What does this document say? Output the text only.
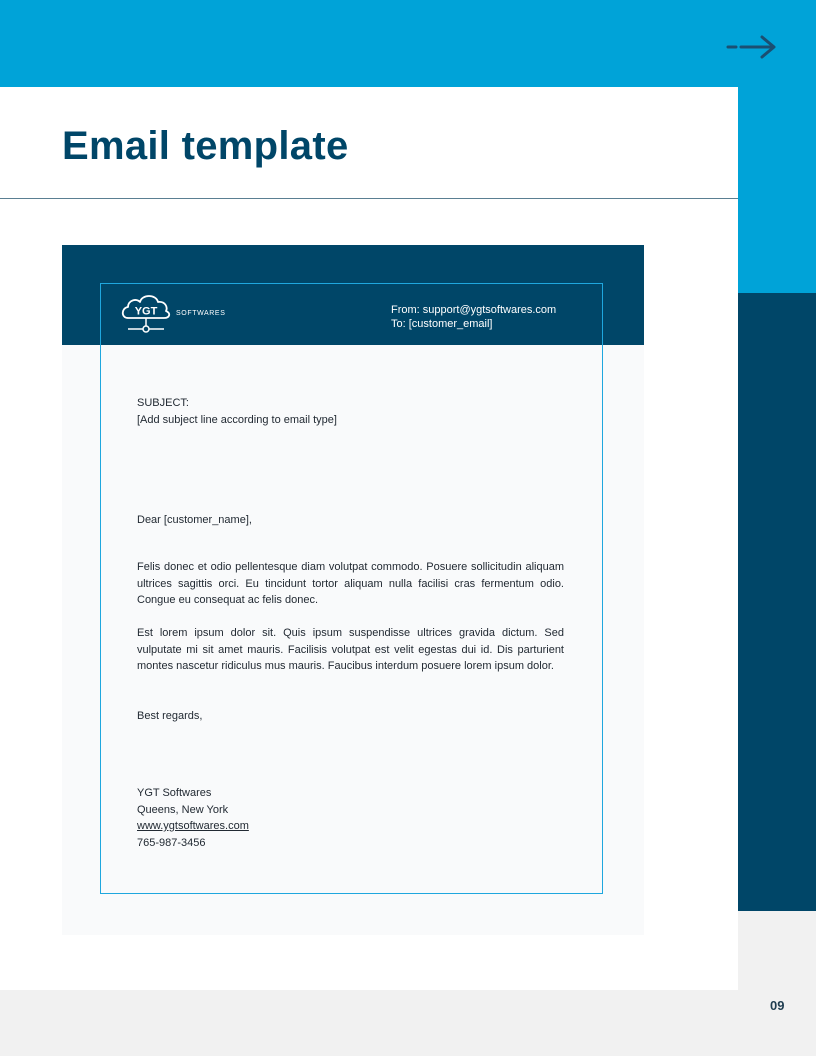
Email template
YGT	SOFTWARES	From: support@ygtsoftwares.com
To: [customer_email]
SUBJECT:
[Add subject line according to email type]
Dear [customer_name],
Felis donec et odio pellentesque diam volutpat commodo. Posuere sollicitudin aliquam ultrices sagittis orci. Eu tincidunt tortor aliquam nulla facilisi cras fermentum odio. Congue eu consequat ac felis donec.
Est lorem ipsum dolor sit. Quis ipsum suspendisse ultrices gravida dictum. Sed vulputate mi sit amet mauris. Facilisis volutpat est velit egestas dui id. Dis parturient montes nascetur ridiculus mus mauris. Faucibus interdum posuere lorem ipsum dolor.
Best regards,
YGT Softwares
Queens, New York
www.ygtsoftwares.com
765-987-3456
09
